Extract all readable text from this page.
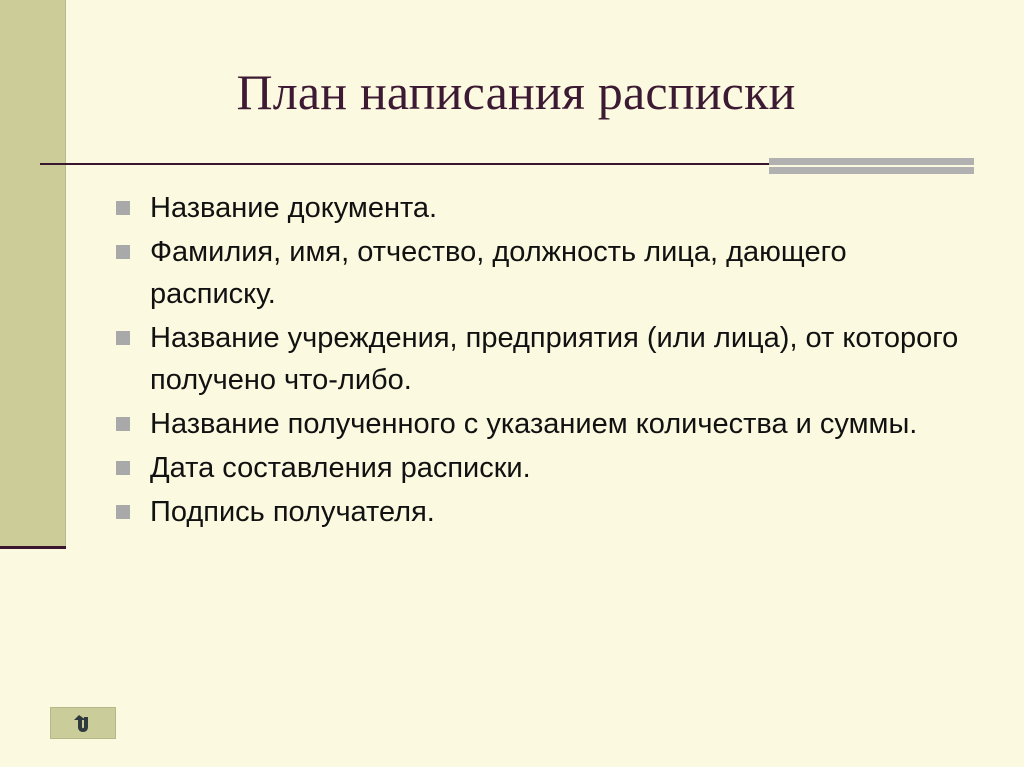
План написания расписки
Название документа.
Фамилия, имя, отчество, должность лица, дающего расписку.
Название учреждения, предприятия (или лица), от которого получено что-либо.
Название полученного с указанием количества и суммы.
Дата составления расписки.
Подпись получателя.
